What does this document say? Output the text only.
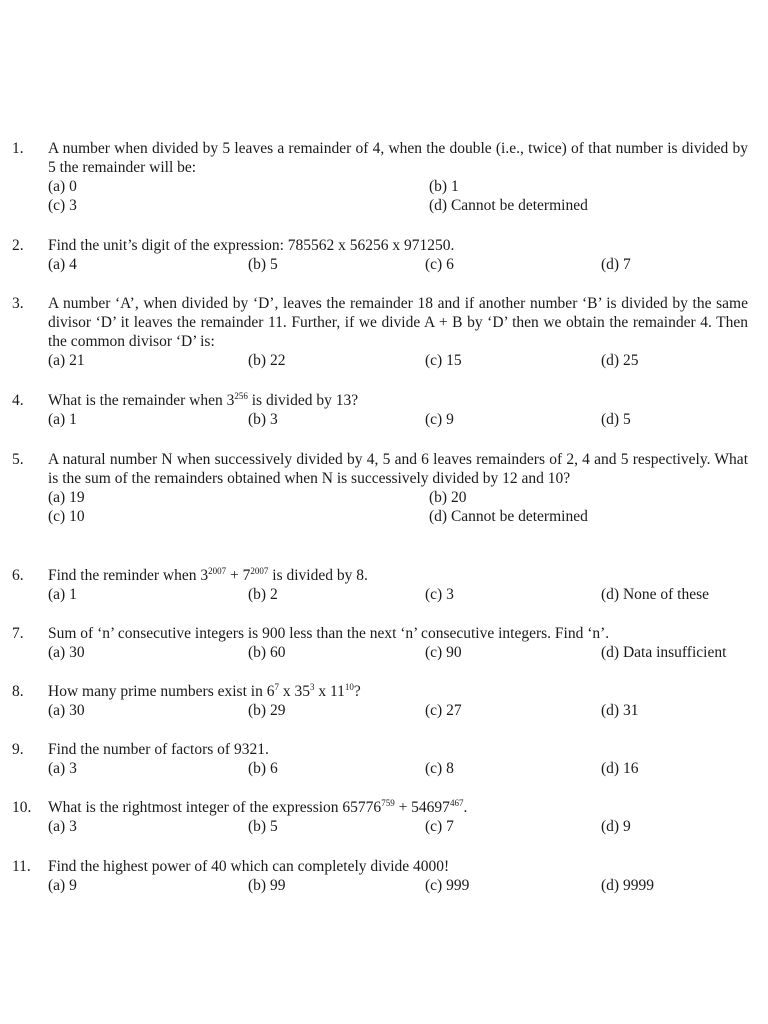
1.	A number when divided by 5 leaves a remainder of 4, when the double (i.e., twice) of that number is divided by 5 the remainder will be:
(a) 0	(b) 1
(c) 3	(d) Cannot be determined
2.	Find the unit’s digit of the expression: 785562 x 56256 x 971250.
(a) 4	(b) 5	(c) 6	(d) 7
3.	A number ‘A’, when divided by ‘D’, leaves the remainder 18 and if another number ‘B’ is divided by the same divisor ‘D’ it leaves the remainder 11. Further, if we divide A + B by ‘D’ then we obtain the remainder 4. Then the common divisor ‘D’ is:
(a) 21	(b) 22	(c) 15	(d) 25
4.	What is the remainder when $3^{256}$ is divided by 13?
(a) 1	(b) 3	(c) 9	(d) 5
5.	A natural number N when successively divided by 4, 5 and 6 leaves remainders of 2, 4 and 5 respectively. What is the sum of the remainders obtained when N is successively divided by 12 and 10?
(a) 19	(b) 20
(c) 10	(d) Cannot be determined
6.	Find the reminder when $3^{2007} + 7^{2007}$ is divided by 8.
(a) 1	(b) 2	(c) 3	(d) None of these
7.	Sum of ‘n’ consecutive integers is 900 less than the next ‘n’ consecutive integers. Find ‘n’.
(a) 30	(b) 60	(c) 90	(d) Data insufficient
8.	How many prime numbers exist in $6^7$ x $35^3$ x $11^{10}$?
(a) 30	(b) 29	(c) 27	(d) 31
9.	Find the number of factors of 9321.
(a) 3	(b) 6	(c) 8	(d) 16
10.	What is the rightmost integer of the expression $65776^{759} + 54697^{467}$.
(a) 3	(b) 5	(c) 7	(d) 9
11.	Find the highest power of 40 which can completely divide 4000!
(a) 9	(b) 99	(c) 999	(d) 9999
